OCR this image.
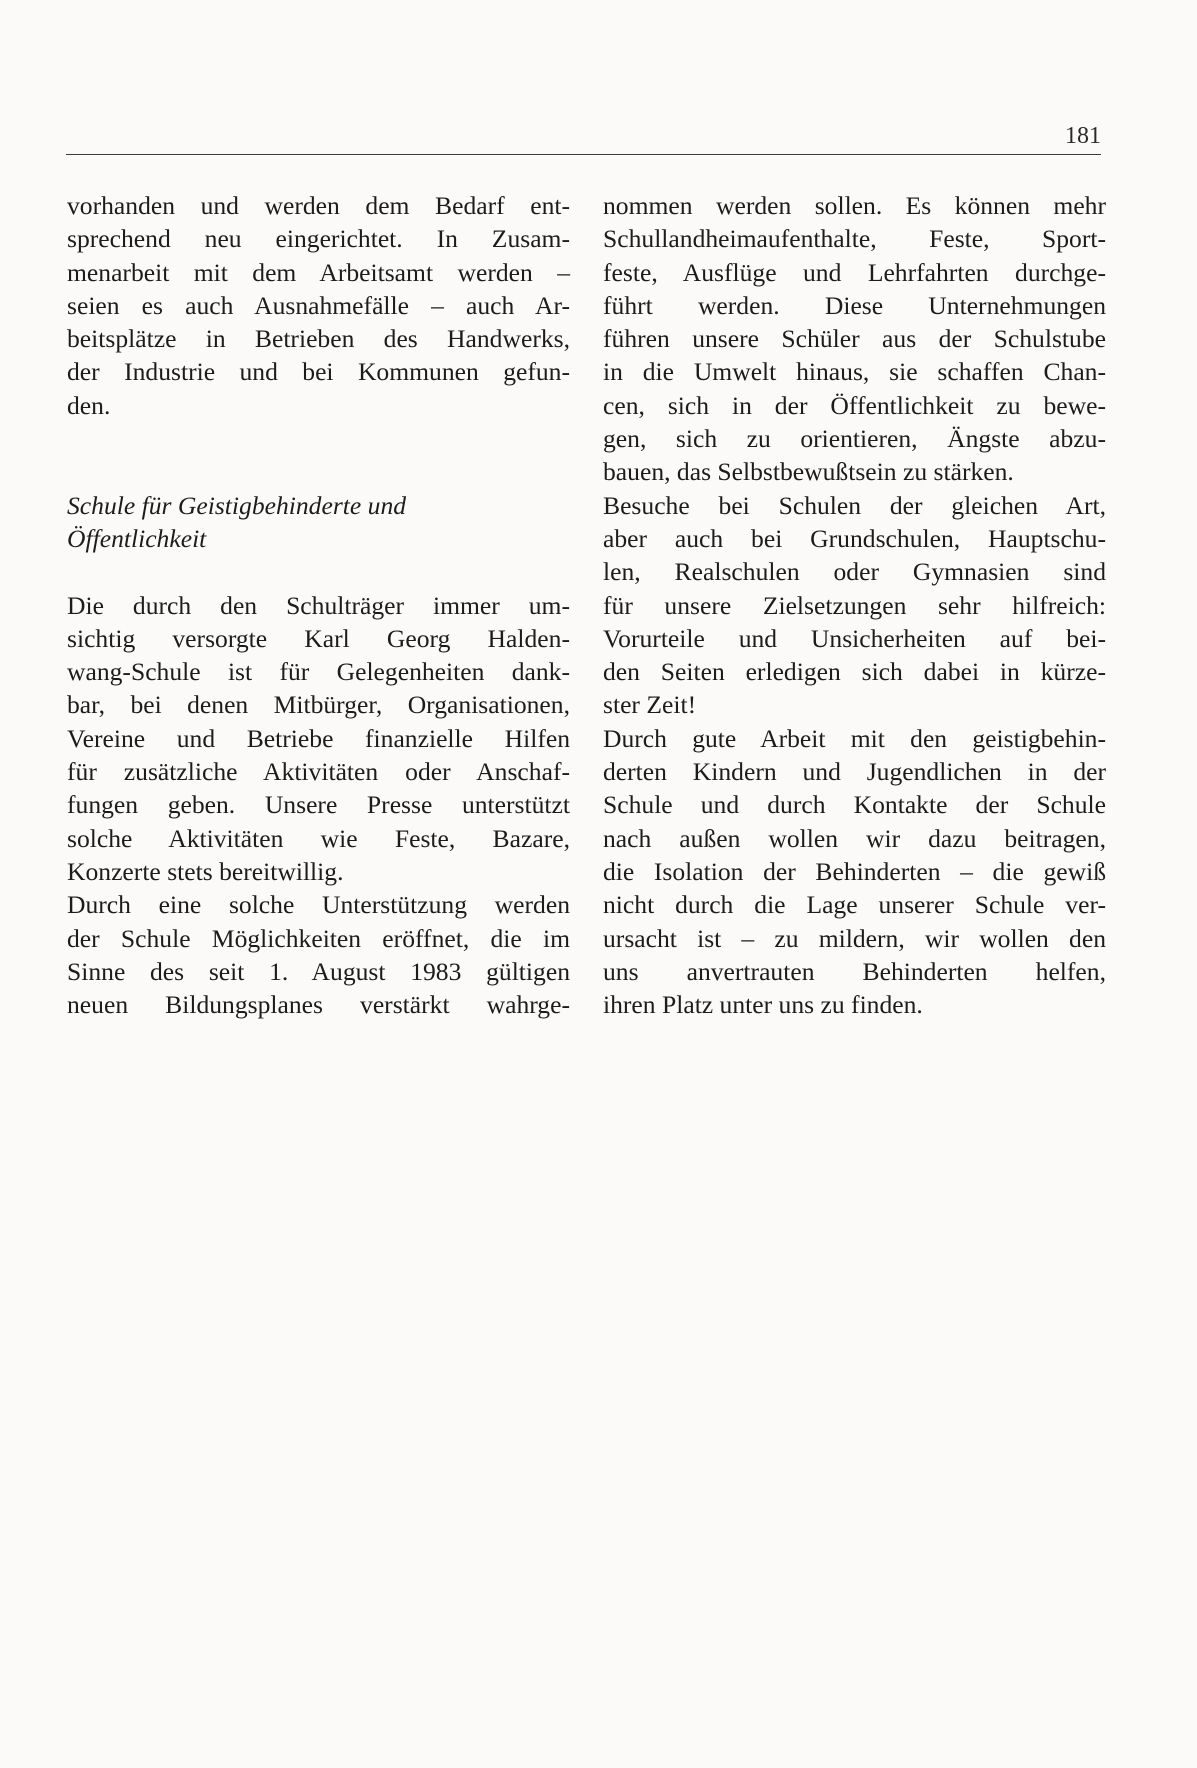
181
vorhanden und werden dem Bedarf ent-
sprechend neu eingerichtet. In Zusam-
menarbeit mit dem Arbeitsamt werden –
seien es auch Ausnahmefälle – auch Ar-
beitsplätze in Betrieben des Handwerks,
der Industrie und bei Kommunen gefun-
den.
Schule für Geistigbehinderte und
Öffentlichkeit
Die durch den Schulträger immer um-
sichtig versorgte Karl Georg Halden-
wang-Schule ist für Gelegenheiten dank-
bar, bei denen Mitbürger, Organisationen,
Vereine und Betriebe finanzielle Hilfen
für zusätzliche Aktivitäten oder Anschaf-
fungen geben. Unsere Presse unterstützt
solche Aktivitäten wie Feste, Bazare,
Konzerte stets bereitwillig.
Durch eine solche Unterstützung werden
der Schule Möglichkeiten eröffnet, die im
Sinne des seit 1. August 1983 gültigen
neuen Bildungsplanes verstärkt wahrge-
nommen werden sollen. Es können mehr
Schullandheimaufenthalte, Feste, Sport-
feste, Ausflüge und Lehrfahrten durchge-
führt werden. Diese Unternehmungen
führen unsere Schüler aus der Schulstube
in die Umwelt hinaus, sie schaffen Chan-
cen, sich in der Öffentlichkeit zu bewe-
gen, sich zu orientieren, Ängste abzu-
bauen, das Selbstbewußtsein zu stärken.
Besuche bei Schulen der gleichen Art,
aber auch bei Grundschulen, Hauptschu-
len, Realschulen oder Gymnasien sind
für unsere Zielsetzungen sehr hilfreich:
Vorurteile und Unsicherheiten auf bei-
den Seiten erledigen sich dabei in kürze-
ster Zeit!
Durch gute Arbeit mit den geistigbehin-
derten Kindern und Jugendlichen in der
Schule und durch Kontakte der Schule
nach außen wollen wir dazu beitragen,
die Isolation der Behinderten – die gewiß
nicht durch die Lage unserer Schule ver-
ursacht ist – zu mildern, wir wollen den
uns anvertrauten Behinderten helfen,
ihren Platz unter uns zu finden.
